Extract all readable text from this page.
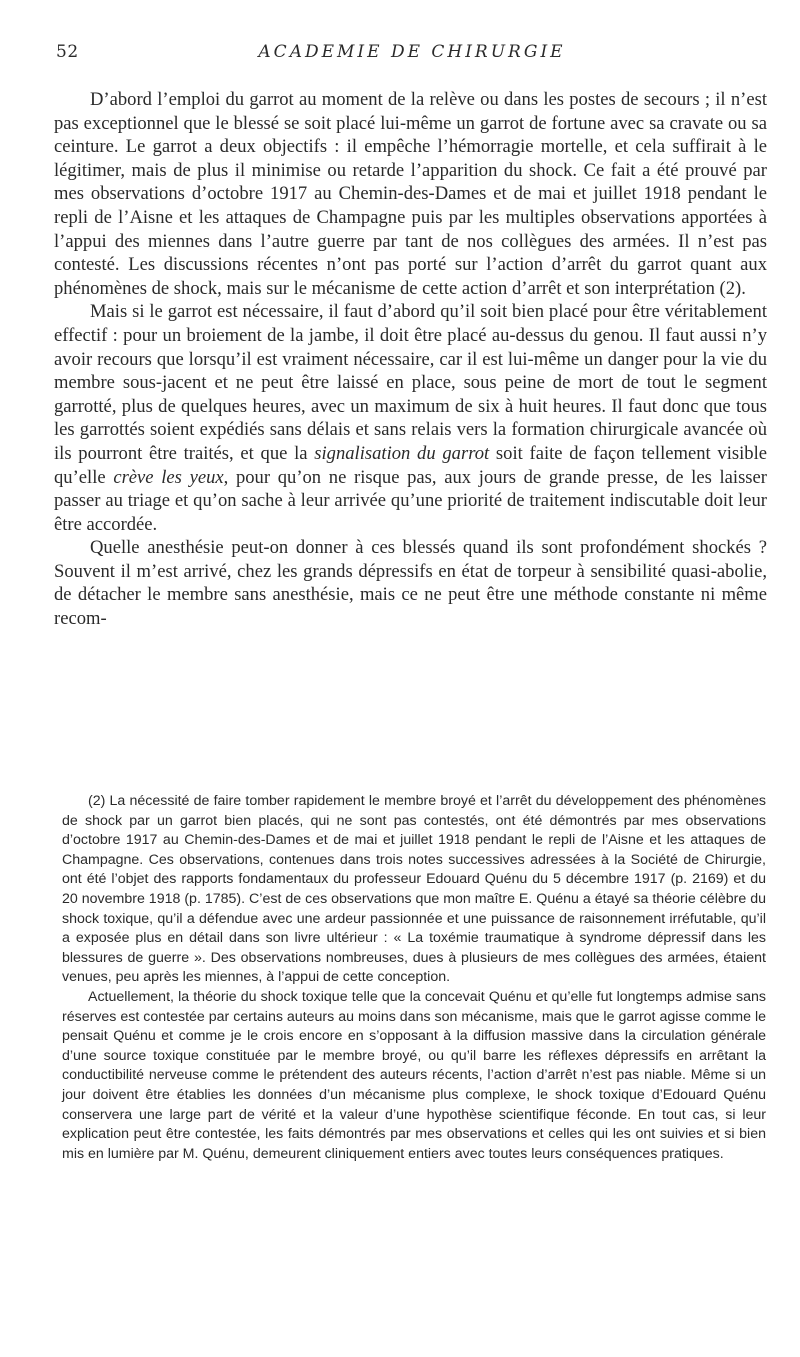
52	ACADEMIE DE CHIRURGIE

D’abord l’emploi du garrot au moment de la relève ou dans les postes de secours ; il n’est pas exceptionnel que le blessé se soit placé lui-même un garrot de fortune avec sa cravate ou sa ceinture. Le garrot a deux objectifs : il empêche l’hémorragie mortelle, et cela suffirait à le légitimer, mais de plus il minimise ou retarde l’apparition du shock. Ce fait a été prouvé par mes observations d’octobre 1917 au Chemin-des-Dames et de mai et juillet 1918 pendant le repli de l’Aisne et les attaques de Champagne puis par les multiples observations apportées à l’appui des miennes dans l’autre guerre par tant de nos collègues des armées. Il n’est pas contesté. Les discussions récentes n’ont pas porté sur l’action d’arrêt du garrot quant aux phénomènes de shock, mais sur le mécanisme de cette action d’arrêt et son interprétation (2).

Mais si le garrot est nécessaire, il faut d’abord qu’il soit bien placé pour être véritablement effectif : pour un broiement de la jambe, il doit être placé au-dessus du genou. Il faut aussi n’y avoir recours que lorsqu’il est vraiment nécessaire, car il est lui-même un danger pour la vie du membre sous-jacent et ne peut être laissé en place, sous peine de mort de tout le segment garrotté, plus de quelques heures, avec un maximum de six à huit heures. Il faut donc que tous les garrottés soient expédiés sans délais et sans relais vers la formation chirurgicale avancée où ils pourront être traités, et que la signalisation du garrot soit faite de façon tellement visible qu’elle crève les yeux, pour qu’on ne risque pas, aux jours de grande presse, de les laisser passer au triage et qu’on sache à leur arrivée qu’une priorité de traitement indiscutable doit leur être accordée.

Quelle anesthésie peut-on donner à ces blessés quand ils sont profondément shockés ? Souvent il m’est arrivé, chez les grands dépressifs en état de torpeur à sensibilité quasi-abolie, de détacher le membre sans anesthésie, mais ce ne peut être une méthode constante ni même recom-

(2) La nécessité de faire tomber rapidement le membre broyé et l’arrêt du développement des phénomènes de shock par un garrot bien placés, qui ne sont pas contestés, ont été démontrés par mes observations d’octobre 1917 au Chemin-des-Dames et de mai et juillet 1918 pendant le repli de l’Aisne et les attaques de Champagne. Ces observations, contenues dans trois notes successives adressées à la Société de Chirurgie, ont été l’objet des rapports fondamentaux du professeur Edouard Quénu du 5 décembre 1917 (p. 2169) et du 20 novembre 1918 (p. 1785). C’est de ces observations que mon maître E. Quénu a étayé sa théorie célèbre du shock toxique, qu’il a défendue avec une ardeur passionnée et une puissance de raisonnement irréfutable, qu’il a exposée plus en détail dans son livre ultérieur : « La toxémie traumatique à syndrome dépressif dans les blessures de guerre ». Des observations nombreuses, dues à plusieurs de mes collègues des armées, étaient venues, peu après les miennes, à l’appui de cette conception.

Actuellement, la théorie du shock toxique telle que la concevait Quénu et qu’elle fut longtemps admise sans réserves est contestée par certains auteurs au moins dans son mécanisme, mais que le garrot agisse comme le pensait Quénu et comme je le crois encore en s’opposant à la diffusion massive dans la circulation générale d’une source toxique constituée par le membre broyé, ou qu’il barre les réflexes dépressifs en arrêtant la conductibilité nerveuse comme le prétendent des auteurs récents, l’action d’arrêt n’est pas niable. Même si un jour doivent être établies les données d’un mécanisme plus complexe, le shock toxique d’Edouard Quénu conservera une large part de vérité et la valeur d’une hypothèse scientifique féconde. En tout cas, si leur explication peut être contestée, les faits démontrés par mes observations et celles qui les ont suivies et si bien mis en lumière par M. Quénu, demeurent cliniquement entiers avec toutes leurs conséquences pratiques.
